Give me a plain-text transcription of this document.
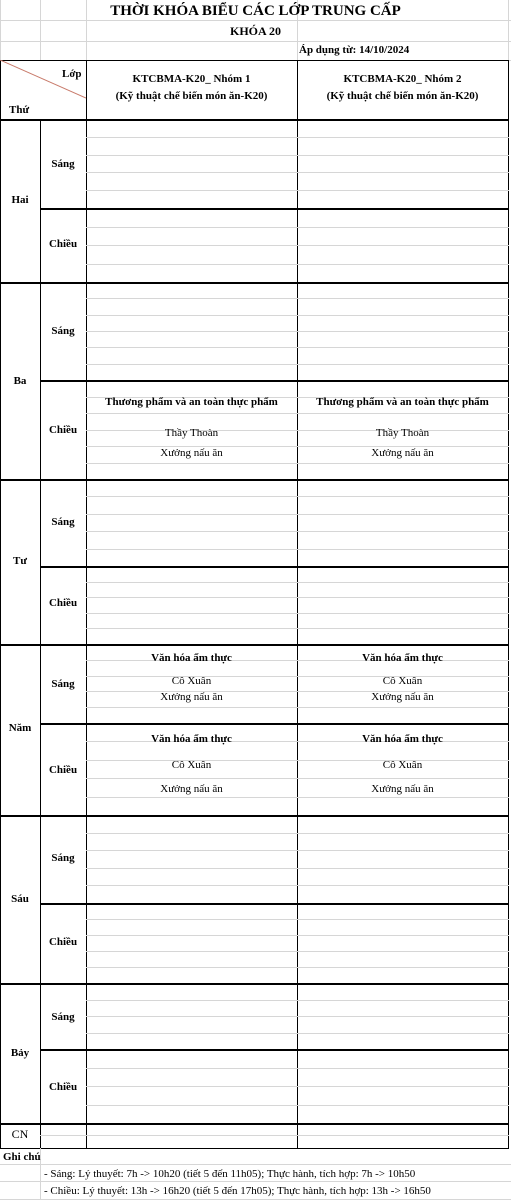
THỜI KHÓA BIỂU CÁC LỚP TRUNG CẤP
KHÓA 20
Áp dụng từ: 14/10/2024
Lớp
Thứ
KTCBMA-K20_ Nhóm 1
(Kỹ thuật chế biến món ăn-K20)
KTCBMA-K20_ Nhóm 2
(Kỹ thuật chế biến món ăn-K20)
Hai
Ba
Tư
Năm
Sáu
Bảy
CN
Sáng
Chiều
Sáng
Chiều
Sáng
Chiều
Sáng
Chiều
Sáng
Chiều
Sáng
Chiều
Thương phẩm và an toàn thực phẩm
Thầy Thoàn
Xưởng nấu ăn
Thương phẩm và an toàn thực phẩm
Thầy Thoàn
Xưởng nấu ăn
Văn hóa ẩm thực
Cô Xuân
Xưởng nấu ăn
Văn hóa ẩm thực
Cô Xuân
Xưởng nấu ăn
Văn hóa ẩm thực
Cô Xuân
Xưởng nấu ăn
Văn hóa ẩm thực
Cô Xuân
Xưởng nấu ăn
Ghi chú
- Sáng: Lý thuyết: 7h -> 10h20 (tiết 5 đến 11h05); Thực hành, tích hợp: 7h -> 10h50
- Chiều: Lý thuyết: 13h -> 16h20 (tiết 5 đến 17h05); Thực hành, tích hợp: 13h -> 16h50
